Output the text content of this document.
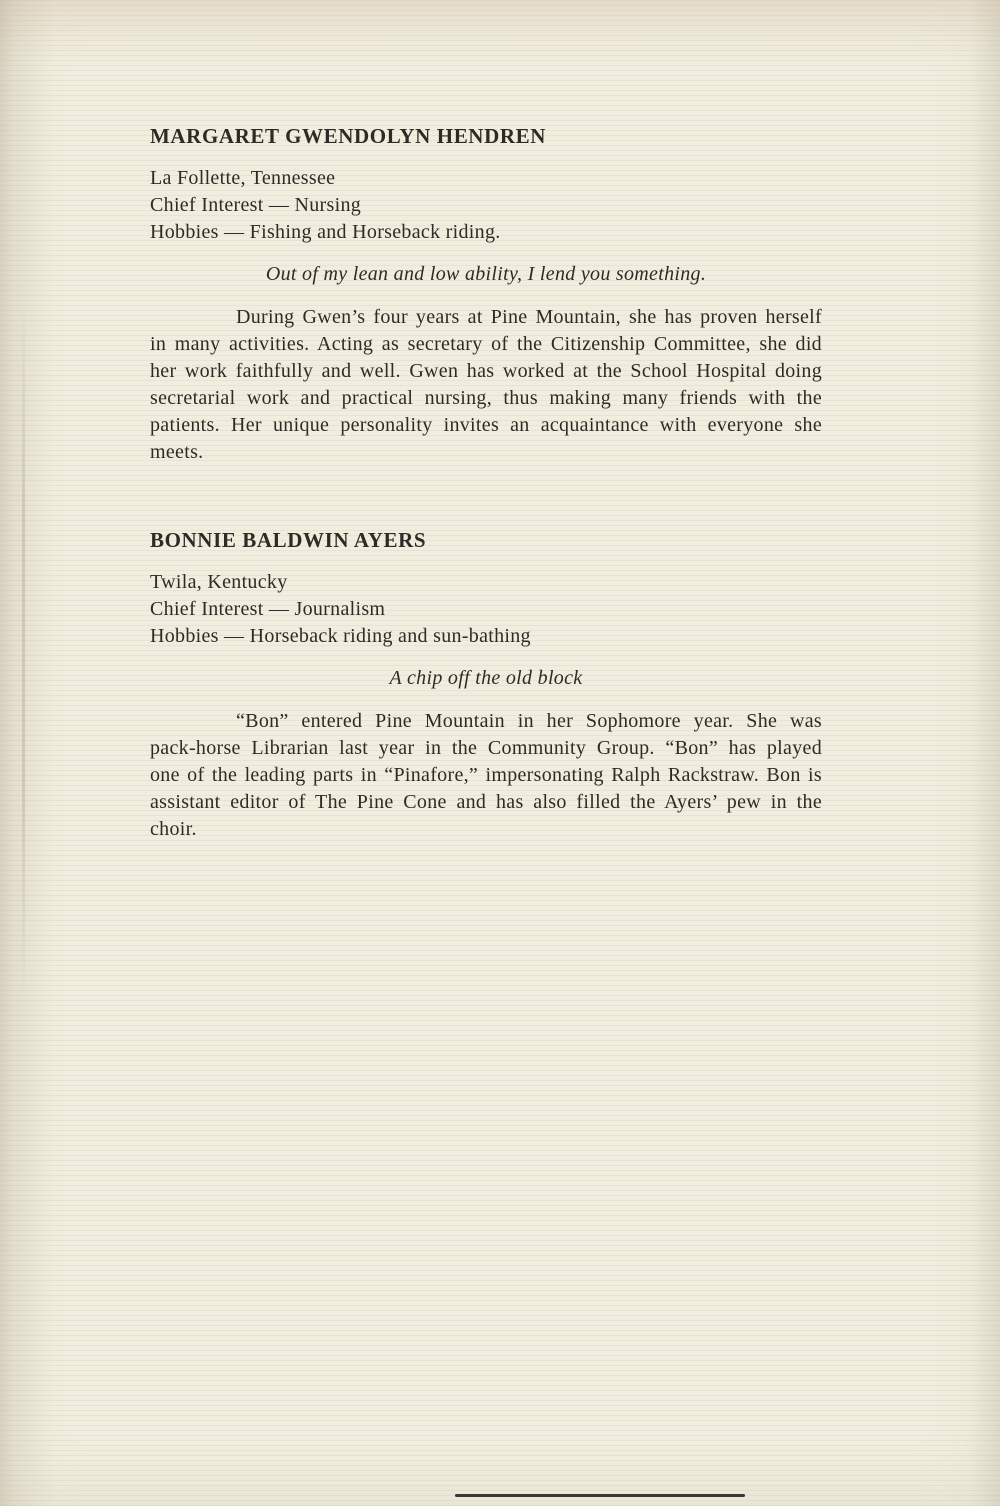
MARGARET GWENDOLYN HENDREN

La Follette, Tennessee

Chief Interest — Nursing

Hobbies — Fishing and Horseback riding.

Out of my lean and low ability, I lend you something.

During Gwen’s four years at Pine Mountain, she has proven herself in many activities. Acting as secretary of the Citizenship Committee, she did her work faithfully and well. Gwen has worked at the School Hospital doing secretarial work and practical nursing, thus making many friends with the patients. Her unique personality invites an acquaintance with everyone she meets.

BONNIE BALDWIN AYERS

Twila, Kentucky

Chief Interest — Journalism

Hobbies — Horseback riding and sun-bathing

A chip off the old block

“Bon” entered Pine Mountain in her Sophomore year. She was pack-horse Librarian last year in the Community Group. “Bon” has played one of the leading parts in “Pinafore,” impersonating Ralph Rackstraw. Bon is assistant editor of The Pine Cone and has also filled the Ayers’ pew in the choir.
